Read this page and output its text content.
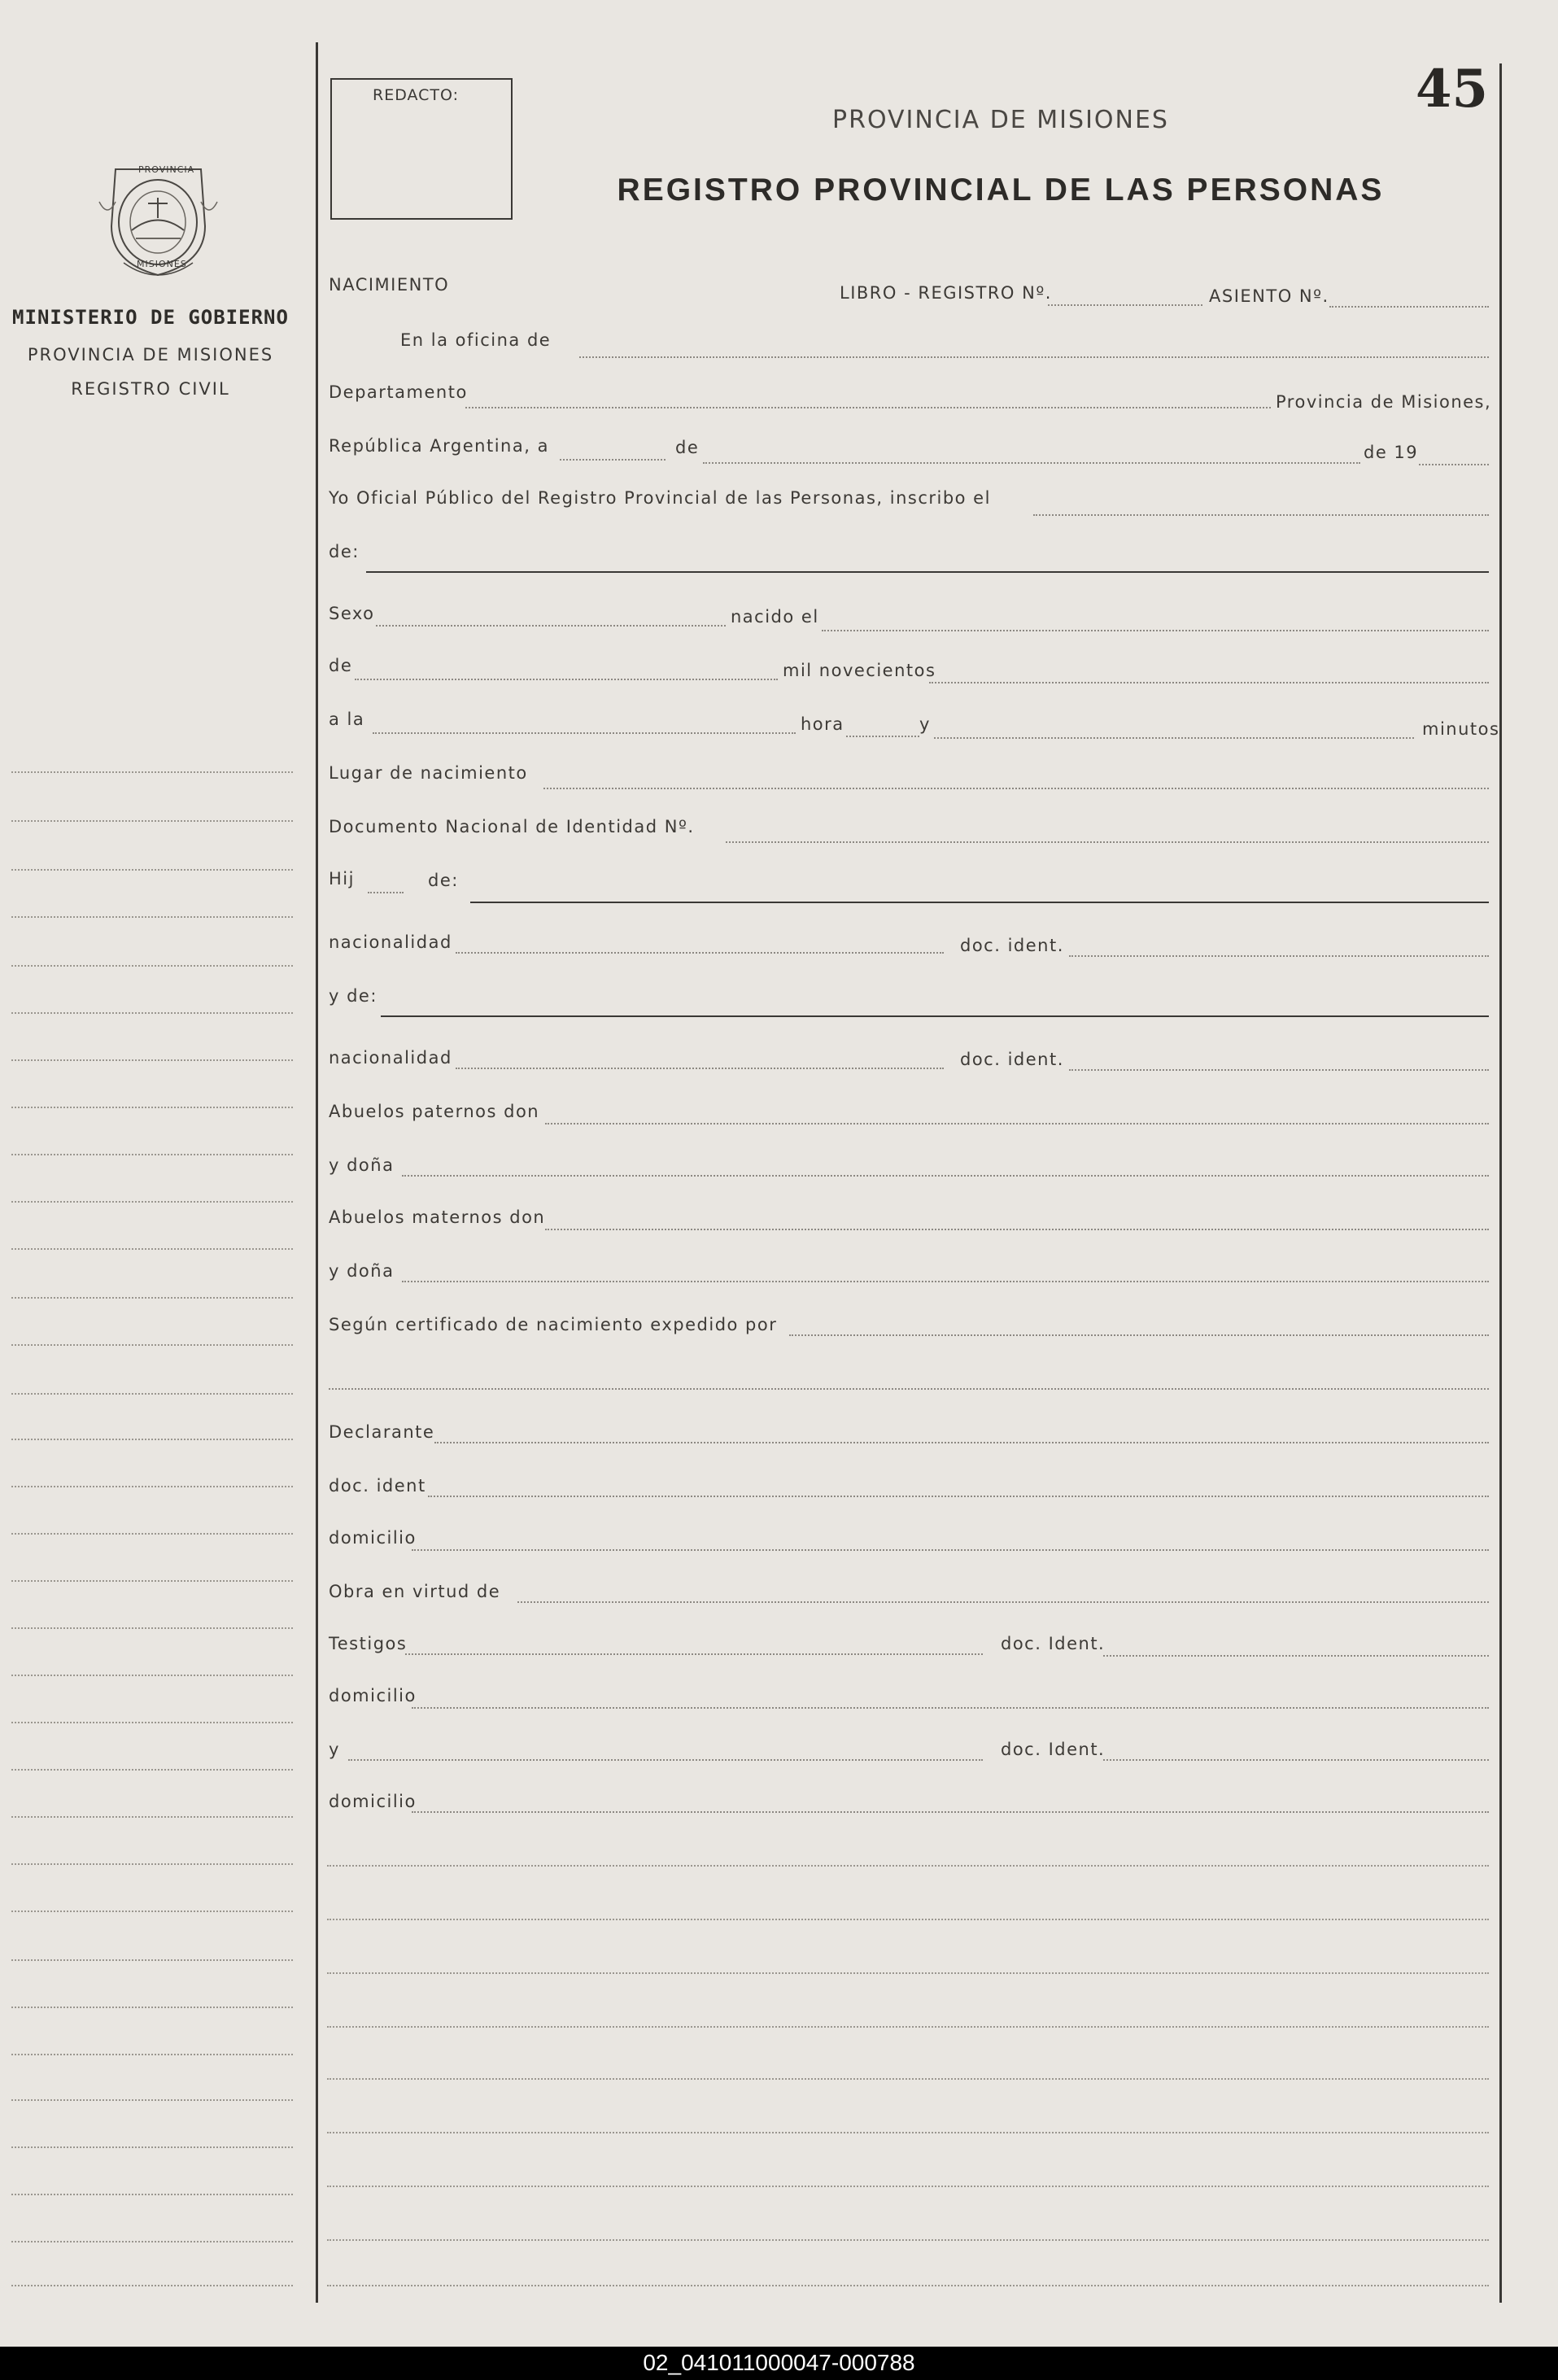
PROVINCIA
MISIONES
MINISTERIO DE GOBIERNO
PROVINCIA DE MISIONES
REGISTRO CIVIL
REDACTO:	45
PROVINCIA DE MISIONES
REGISTRO PROVINCIAL DE LAS PERSONAS
NACIMIENTO	LIBRO - REGISTRO Nº.	ASIENTO Nº.
En la oficina de
Departamento	Provincia de Misiones,
República Argentina, a	de	de 19
Yo Oficial Público del Registro Provincial de las Personas, inscribo el
de:
Sexo	nacido el
de	mil novecientos
a la	hora	y	minutos
Lugar de nacimiento
Documento Nacional de Identidad Nº.
Hij	de:
nacionalidad	doc. ident.
y de:
nacionalidad	doc. ident.
Abuelos paternos don
y doña
Abuelos maternos don
y doña
Según certificado de nacimiento expedido por
Declarante
doc. ident
domicilio
Obra en virtud de
Testigos	doc. Ident.
domicilio
y	doc. Ident.
domicilio
02_041011000047-000788
